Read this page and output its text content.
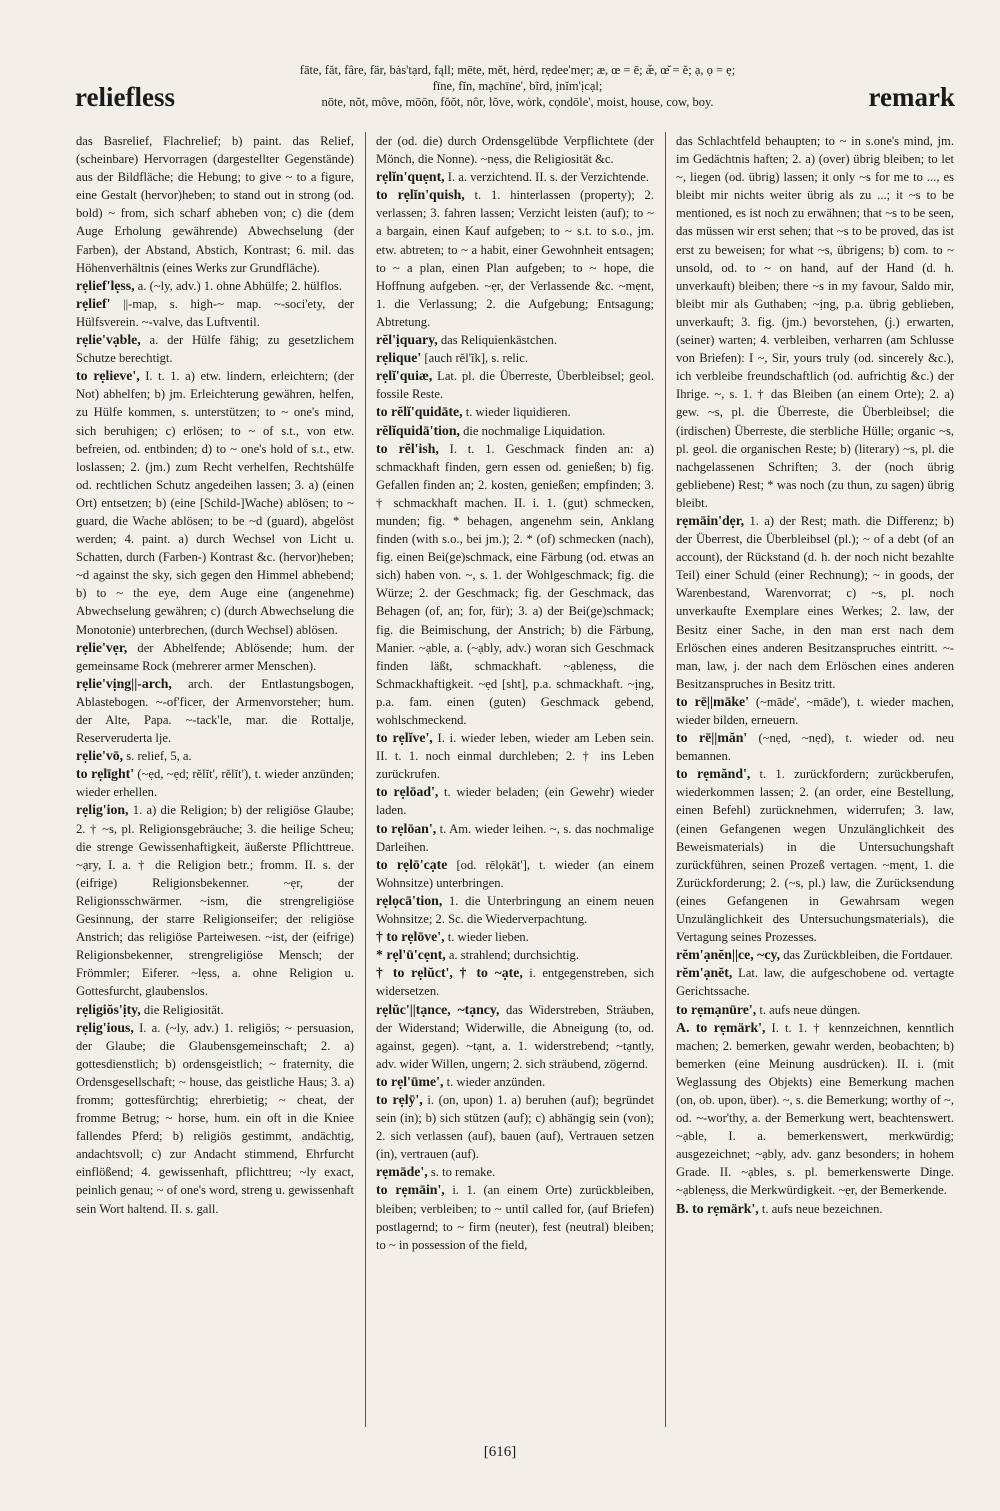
reliefless
fāte, făt, fâre, fär, bȧs'tạrd, fąll; mēte, mĕt, hėrd, rẹdee'mẹr; æ, œ = ē; æ̆, œ̆ = ĕ; ạ, ọ = ẹ;
fīne, fĭn, mạchīne', bĩrd, ịnĭm'ịcạl;
nōte, nŏt, môve, mōōn, fŏŏt, nôr, lŏve, wȯrk, cọndōle', moist, house, cow, boy.	remark

das Basrelief, Flachrelief; b) paint. das Relief, (scheinbare) Hervorragen (dargestellter Gegenstände) aus der Bildfläche; die Hebung; to give ~ to a figure, eine Gestalt (hervor)heben; to stand out in strong (od. bold) ~ from, sich scharf abheben von; c) die (dem Auge Erholung gewährende) Abwechselung (der Farben), der Abstand, Abstich, Kontrast; 6. mil. das Höhenverhältnis (eines Werks zur Grundfläche).

rẹlief'lẹss, a. (~ly, adv.) 1. ohne Abhülfe; 2. hülflos.

rẹlief' ||-map, s. high-~ map. ~-soci'ety, der Hülfsverein. ~-valve, das Luftventil.

rẹlie'vạble, a. der Hülfe fähig; zu gesetzlichem Schutze berechtigt.

to rẹlieve', I. t. 1. a) etw. lindern, erleichtern; (der Not) abhelfen; b) jm. Erleichterung gewähren, helfen, zu Hülfe kommen, s. unterstützen; to ~ one's mind, sich beruhigen; c) erlösen; to ~ of s.t., von etw. befreien, od. entbinden; d) to ~ one's hold of s.t., etw. loslassen; 2. (jm.) zum Recht verhelfen, Rechtshülfe od. rechtlichen Schutz angedeihen lassen; 3. a) (einen Ort) entsetzen; b) (eine [Schild-]Wache) ablösen; to ~ guard, die Wache ablösen; to be ~d (guard), abgelöst werden; 4. paint. a) durch Wechsel von Licht u. Schatten, durch (Farben-) Kontrast &c. (hervor)heben; ~d against the sky, sich gegen den Himmel abhebend; b) to ~ the eye, dem Auge eine (angenehme) Abwechselung gewähren; c) (durch Abwechselung die Monotonie) unterbrechen, (durch Wechsel) ablösen.

rẹlie'vẹr, der Abhelfende; Ablösende; hum. der gemeinsame Rock (mehrerer armer Menschen).

rẹlie'vịng||-arch, arch. der Entlastungsbogen, Ablastebogen. ~-of'ficer, der Armenvorsteher; hum. der Alte, Papa. ~-tack'le, mar. die Rottalje, Reserveruderta lje.

rẹlie'vō, s. relief, 5, a.

to rẹlīght' (~ẹd, ~ẹd; rĕlĭt', rĕlĭt'), t. wieder anzünden; wieder erhellen.

rẹlig'ion, 1. a) die Religion; b) der religiöse Glaube; 2. † ~s, pl. Religionsgebräuche; 3. die heilige Scheu; die strenge Gewissenhaftigkeit, äußerste Pflichttreue. ~ạry, I. a. † die Religion betr.; fromm. II. s. der (eifrige) Religionsbekenner. ~ẹr, der Religionsschwärmer. ~ism, die strengreligiöse Gesinnung, der starre Religionseifer; der religiöse Anstrich; das religiöse Parteiwesen. ~ist, der (eifrige) Religionsbekenner, strengreligiöse Mensch; der Frömmler; Eiferer. ~lẹss, a. ohne Religion u. Gottesfurcht, glaubenslos.

rẹligiŏs'ịty, die Religiosität.

rẹlig'ious, I. a. (~ly, adv.) 1. religiös; ~ persuasion, der Glaube; die Glaubensgemeinschaft; 2. a) gottesdienstlich; b) ordensgeistlich; ~ fraternity, die Ordensgesellschaft; ~ house, das geistliche Haus; 3. a) fromm; gottesfürchtig; ehrerbietig; ~ cheat, der fromme Betrug; ~ horse, hum. ein oft in die Kniee fallendes Pferd; b) religiös gestimmt, andächtig, andachtsvoll; c) zur Andacht stimmend, Ehrfurcht einflößend; 4. gewissenhaft, pflichttreu; ~ly exact, peinlich genau; ~ of one's word, streng u. gewissenhaft sein Wort haltend. II. s. gall.

der (od. die) durch Ordensgelübde Verpflichtete (der Mönch, die Nonne). ~nẹss, die Religiosität &c.

rẹlĭn'quẹnt, I. a. verzichtend. II. s. der Verzichtende.

to rẹlĭn'quish, t. 1. hinterlassen (property); 2. verlassen; 3. fahren lassen; Verzicht leisten (auf); to ~ a bargain, einen Kauf aufgeben; to ~ s.t. to s.o., jm. etw. abtreten; to ~ a habit, einer Gewohnheit entsagen; to ~ a plan, einen Plan aufgeben; to ~ hope, die Hoffnung aufgeben. ~ẹr, der Verlassende &c. ~mẹnt, 1. die Verlassung; 2. die Aufgebung; Entsagung; Abtretung.

rĕl'ịquary, das Reliquienkästchen.

rẹlique' [auch rĕl'ĭk], s. relic.

rẹlĭ'quiæ, Lat. pl. die Überreste, Überbleibsel; geol. fossile Reste.

to rĕlĭ'quidāte, t. wieder liquidieren.

rĕlĭquidā'tion, die nochmalige Liquidation.

to rĕl'ish, I. t. 1. Geschmack finden an: a) schmackhaft finden, gern essen od. genießen; b) fig. Gefallen finden an; 2. kosten, genießen; empfinden; 3. † schmackhaft machen. II. i. 1. (gut) schmecken, munden; fig. * behagen, angenehm sein, Anklang finden (with s.o., bei jm.); 2. * (of) schmecken (nach), fig. einen Bei(ge)schmack, eine Färbung (od. etwas an sich) haben von. ~, s. 1. der Wohlgeschmack; fig. die Würze; 2. der Geschmack; fig. der Geschmack, das Behagen (of, an; for, für); 3. a) der Bei(ge)schmack; fig. die Beimischung, der Anstrich; b) die Färbung, Manier. ~ạble, a. (~ạbly, adv.) woran sich Geschmack finden läßt, schmackhaft. ~ạblenẹss, die Schmackhaftigkeit. ~ẹd [sht], p.a. schmackhaft. ~ịng, p.a. fam. einen (guten) Geschmack gebend, wohlschmeckend.

to rẹlĭve', I. i. wieder leben, wieder am Leben sein. II. t. 1. noch einmal durchleben; 2. † ins Leben zurückrufen.

to rẹlōad', t. wieder beladen; (ein Gewehr) wieder laden.

to rẹlōan', t. Am. wieder leihen. ~, s. das nochmalige Darleihen.

to rẹlō'cạte [od. rēlọkāt'], t. wieder (an einem Wohnsitze) unterbringen.

rẹlọcā'tion, 1. die Unterbringung an einem neuen Wohnsitze; 2. Sc. die Wiederverpachtung.

† to rẹlōve', t. wieder lieben.

* rẹl'ū'cẹnt, a. strahlend; durchsichtig.

† to rẹlŭct', † to ~ạte, i. entgegenstreben, sich widersetzen.

rẹlŭc'||tạnce, ~tạncy, das Widerstreben, Sträuben, der Widerstand; Widerwille, die Abneigung (to, od. against, gegen). ~tạnt, a. 1. widerstrebend; ~tạntly, adv. wider Willen, ungern; 2. sich sträubend, zögernd.

to rẹl'ūme', t. wieder anzünden.

to rẹlȳ', i. (on, upon) 1. a) beruhen (auf); begründet sein (in); b) sich stützen (auf); c) abhängig sein (von); 2. sich verlassen (auf), bauen (auf), Vertrauen setzen (in), vertrauen (auf).

rẹmāde', s. to remake.

to rẹmāin', i. 1. (an einem Orte) zurückbleiben, bleiben; verbleiben; to ~ until called for, (auf Briefen) postlagernd; to ~ firm (neuter), fest (neutral) bleiben; to ~ in possession of the field,

das Schlachtfeld behaupten; to ~ in s.one's mind, jm. im Gedächtnis haften; 2. a) (over) übrig bleiben; to let ~, liegen (od. übrig) lassen; it only ~s for me to ..., es bleibt mir nichts weiter übrig als zu ...; it ~s to be mentioned, es ist noch zu erwähnen; that ~s to be seen, das müssen wir erst sehen; that ~s to be proved, das ist erst zu beweisen; for what ~s, übrigens; b) com. to ~ unsold, od. to ~ on hand, auf der Hand (d. h. unverkauft) bleiben; there ~s in my favour, Saldo mir, bleibt mir als Guthaben; ~ịng, p.a. übrig geblieben, unverkauft; 3. fig. (jm.) bevorstehen, (j.) erwarten, (seiner) warten; 4. verbleiben, verharren (am Schlusse von Briefen): I ~, Sir, yours truly (od. sincerely &c.), ich verbleibe freundschaftlich (od. aufrichtig &c.) der Ihrige. ~, s. 1. † das Bleiben (an einem Orte); 2. a) gew. ~s, pl. die Überreste, die Überbleibsel; die (irdischen) Überreste, die sterbliche Hülle; organic ~s, pl. geol. die organischen Reste; b) (literary) ~s, pl. die nachgelassenen Schriften; 3. der (noch übrig gebliebene) Rest; * was noch (zu thun, zu sagen) übrig bleibt.

rẹmāin'dẹr, 1. a) der Rest; math. die Differenz; b) der Überrest, die Überbleibsel (pl.); ~ of a debt (of an account), der Rückstand (d. h. der noch nicht bezahlte Teil) einer Schuld (einer Rechnung); ~ in goods, der Warenbestand, Warenvorrat; c) ~s, pl. noch unverkaufte Exemplare eines Werkes; 2. law, der Besitz einer Sache, in den man erst nach dem Erlöschen eines anderen Besitzanspruches eintritt. ~-man, law, j. der nach dem Erlöschen eines anderen Besitzanspruches in Besitz tritt.

to rē||māke' (~māde', ~māde'), t. wieder machen, wieder bilden, erneuern.

to rē||măn' (~nẹd, ~nẹd), t. wieder od. neu bemannen.

to rẹmănd', t. 1. zurückfordern; zurückberufen, wiederkommen lassen; 2. (an order, eine Bestellung, einen Befehl) zurücknehmen, widerrufen; 3. law, (einen Gefangenen wegen Unzulänglichkeit des Beweismaterials) in die Untersuchungshaft zurückführen, seinen Prozeß vertagen. ~mẹnt, 1. die Zurückforderung; 2. (~s, pl.) law, die Zurücksendung (eines Gefangenen in Gewahrsam wegen Unzulänglichkeit des Untersuchungsmaterials), die Vertagung seines Prozesses.

rĕm'ạnĕn||ce, ~cy, das Zurückbleiben, die Fortdauer.

rĕm'ạnĕt, Lat. law, die aufgeschobene od. vertagte Gerichtssache.

to rẹmạnūre', t. aufs neue düngen.

A. to rẹmärk', I. t. 1. † kennzeichnen, kenntlich machen; 2. bemerken, gewahr werden, beobachten; b) bemerken (eine Meinung ausdrücken). II. i. (mit Weglassung des Objekts) eine Bemerkung machen (on, ob. upon, über). ~, s. die Bemerkung; worthy of ~, od. ~-wor'thy, a. der Bemerkung wert, beachtenswert. ~ạble, I. a. bemerkenswert, merkwürdig; ausgezeichnet; ~ạbly, adv. ganz besonders; in hohem Grade. II. ~ạbles, s. pl. bemerkenswerte Dinge. ~ạblenẹss, die Merkwürdigkeit. ~ẹr, der Bemerkende.

B. to rẹmärk', t. aufs neue bezeichnen.

[616]
